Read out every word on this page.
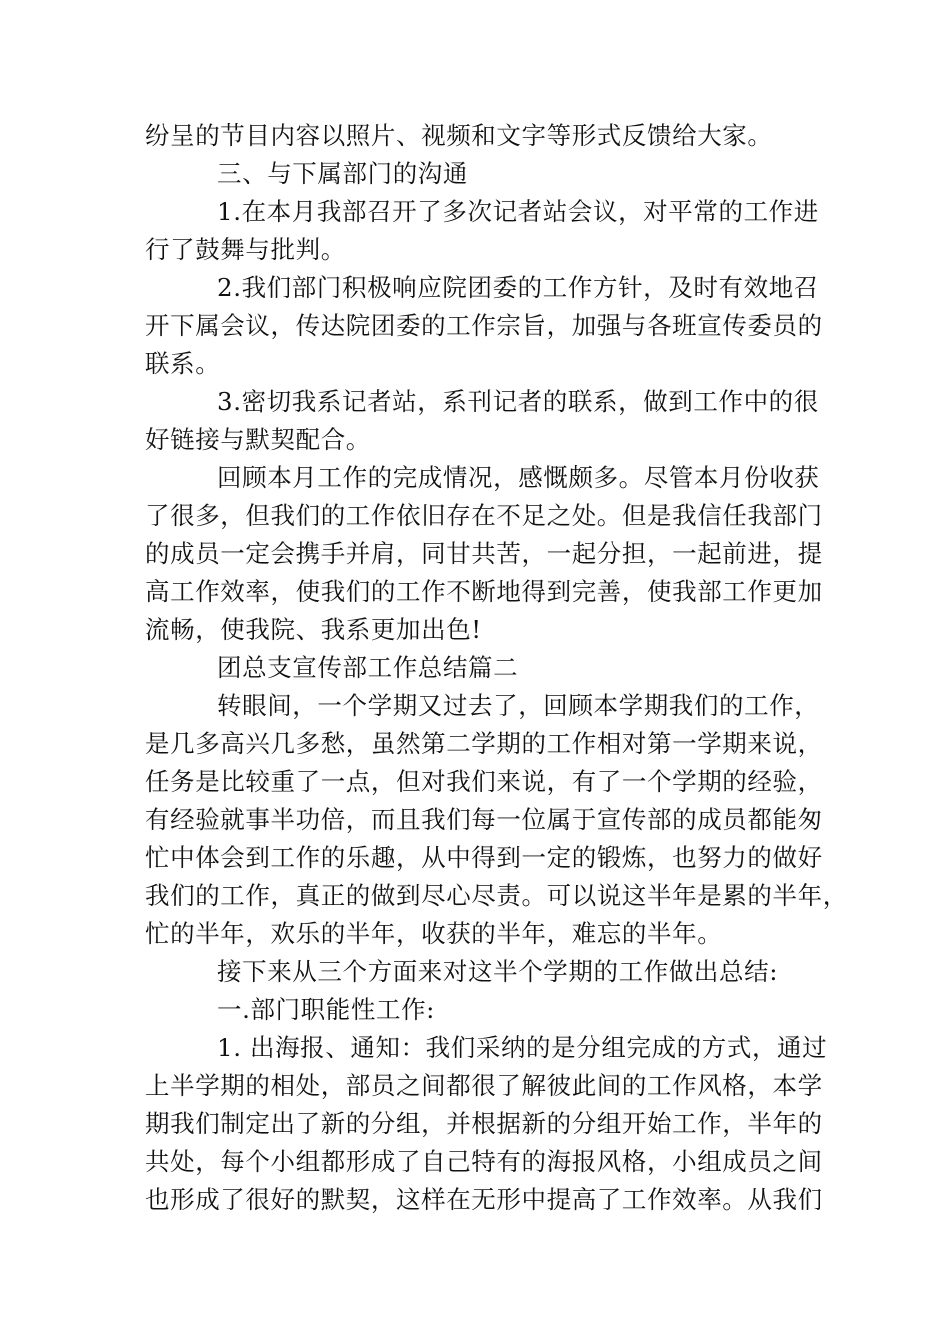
纷呈的节目内容以照片、视频和文字等形式反馈给大家。
三、与下属部门的沟通
1.在本月我部召开了多次记者站会议，对平常的工作进
行了鼓舞与批判。
2.我们部门积极响应院团委的工作方针，及时有效地召
开下属会议，传达院团委的工作宗旨，加强与各班宣传委员的
联系。
3.密切我系记者站，系刊记者的联系，做到工作中的很
好链接与默契配合。
回顾本月工作的完成情况，感慨颇多。尽管本月份收获
了很多，但我们的工作依旧存在不足之处。但是我信任我部门
的成员一定会携手并肩，同甘共苦，一起分担，一起前进，提
高工作效率，使我们的工作不断地得到完善，使我部工作更加
流畅，使我院、我系更加出色!
团总支宣传部工作总结篇二
转眼间，一个学期又过去了，回顾本学期我们的工作，
是几多高兴几多愁，虽然第二学期的工作相对第一学期来说，
任务是比较重了一点，但对我们来说，有了一个学期的经验，
有经验就事半功倍，而且我们每一位属于宣传部的成员都能匆
忙中体会到工作的乐趣，从中得到一定的锻炼，也努力的做好
我们的工作，真正的做到尽心尽责。可以说这半年是累的半年，
忙的半年，欢乐的半年，收获的半年，难忘的半年。
接下来从三个方面来对这半个学期的工作做出总结:
一.部门职能性工作:
1. 出海报、通知：我们采纳的是分组完成的方式，通过
上半学期的相处，部员之间都很了解彼此间的工作风格，本学
期我们制定出了新的分组，并根据新的分组开始工作，半年的
共处，每个小组都形成了自己特有的海报风格，小组成员之间
也形成了很好的默契，这样在无形中提高了工作效率。从我们
